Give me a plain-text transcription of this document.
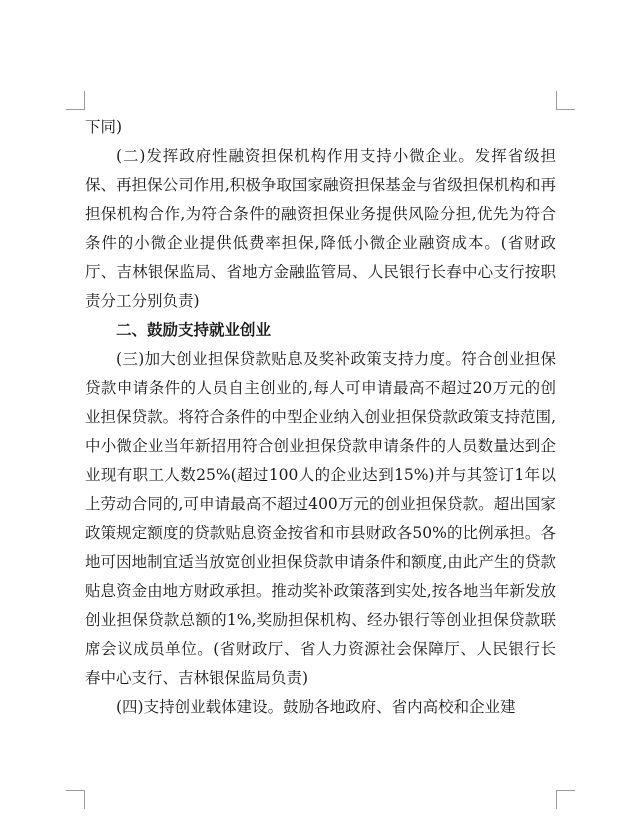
下同)

(二)发挥政府性融资担保机构作用支持小微企业。发挥省级担保、再担保公司作用,积极争取国家融资担保基金与省级担保机构和再担保机构合作,为符合条件的融资担保业务提供风险分担,优先为符合条件的小微企业提供低费率担保,降低小微企业融资成本。(省财政厅、吉林银保监局、省地方金融监管局、人民银行长春中心支行按职责分工分别负责)

二、鼓励支持就业创业

(三)加大创业担保贷款贴息及奖补政策支持力度。符合创业担保贷款申请条件的人员自主创业的,每人可申请最高不超过20万元的创业担保贷款。将符合条件的中型企业纳入创业担保贷款政策支持范围,中小微企业当年新招用符合创业担保贷款申请条件的人员数量达到企业现有职工人数25%(超过100人的企业达到15%)并与其签订1年以上劳动合同的,可申请最高不超过400万元的创业担保贷款。超出国家政策规定额度的贷款贴息资金按省和市县财政各50%的比例承担。各地可因地制宜适当放宽创业担保贷款申请条件和额度,由此产生的贷款贴息资金由地方财政承担。推动奖补政策落到实处,按各地当年新发放创业担保贷款总额的1%,奖励担保机构、经办银行等创业担保贷款联席会议成员单位。(省财政厅、省人力资源社会保障厅、人民银行长春中心支行、吉林银保监局负责)

(四)支持创业载体建设。鼓励各地政府、省内高校和企业建
